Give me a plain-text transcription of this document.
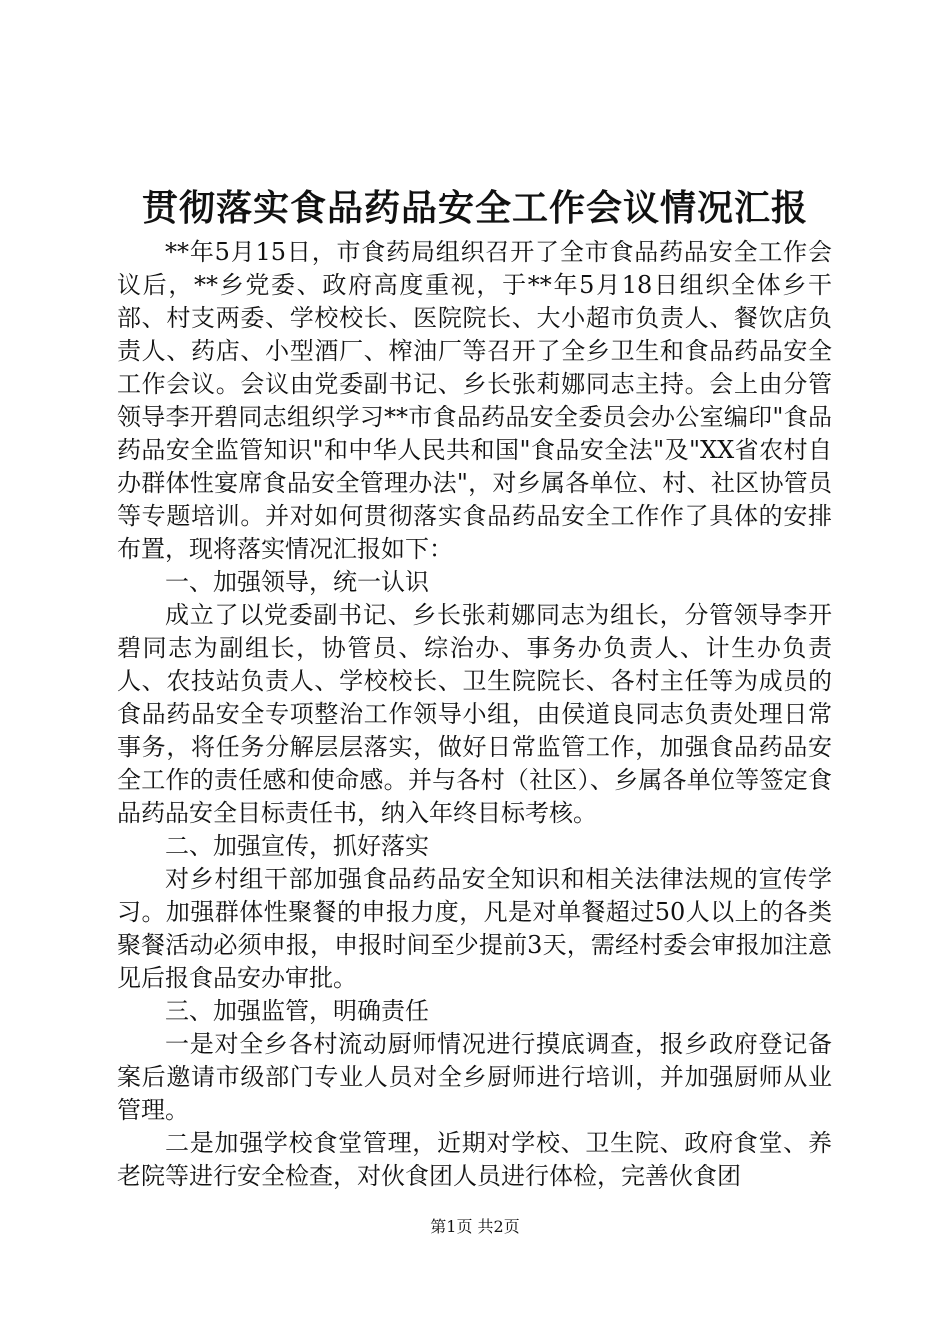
贯彻落实食品药品安全工作会议情况汇报

**年5月15日，市食药局组织召开了全市食品药品安全工作会议后，**乡党委、政府高度重视，于**年5月18日组织全体乡干部、村支两委、学校校长、医院院长、大小超市负责人、餐饮店负责人、药店、小型酒厂、榨油厂等召开了全乡卫生和食品药品安全工作会议。会议由党委副书记、乡长张莉娜同志主持。会上由分管领导李开碧同志组织学习**市食品药品安全委员会办公室编印"食品药品安全监管知识"和中华人民共和国"食品安全法"及"XX省农村自办群体性宴席食品安全管理办法"，对乡属各单位、村、社区协管员等专题培训。并对如何贯彻落实食品药品安全工作作了具体的安排布置，现将落实情况汇报如下：

一、加强领导，统一认识

成立了以党委副书记、乡长张莉娜同志为组长，分管领导李开碧同志为副组长，协管员、综治办、事务办负责人、计生办负责人、农技站负责人、学校校长、卫生院院长、各村主任等为成员的食品药品安全专项整治工作领导小组，由侯道良同志负责处理日常事务，将任务分解层层落实，做好日常监管工作，加强食品药品安全工作的责任感和使命感。并与各村（社区）、乡属各单位等签定食品药品安全目标责任书，纳入年终目标考核。

二、加强宣传，抓好落实

对乡村组干部加强食品药品安全知识和相关法律法规的宣传学习。加强群体性聚餐的申报力度，凡是对单餐超过50人以上的各类聚餐活动必须申报，申报时间至少提前3天，需经村委会审报加注意见后报食品安办审批。

三、加强监管，明确责任

一是对全乡各村流动厨师情况进行摸底调查，报乡政府登记备案后邀请市级部门专业人员对全乡厨师进行培训，并加强厨师从业管理。

二是加强学校食堂管理，近期对学校、卫生院、政府食堂、养老院等进行安全检查，对伙食团人员进行体检，完善伙食团

第1页 共2页
